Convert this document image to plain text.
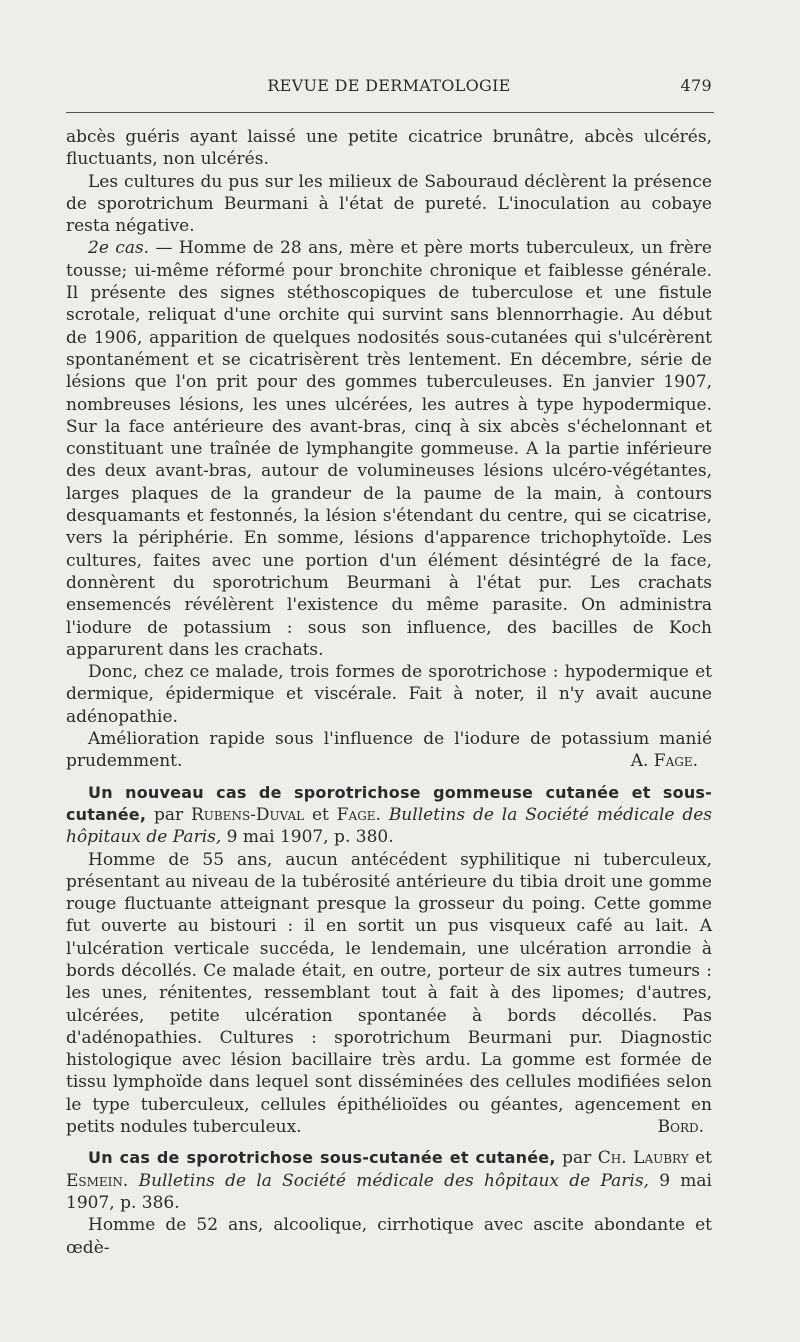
REVUE DE DERMATOLOGIE	479

abcès guéris ayant laissé une petite cicatrice brunâtre, abcès ulcérés, fluctuants, non ulcérés.

Les cultures du pus sur les milieux de Sabouraud déclèrent la présence de sporotrichum Beurmani à l'état de pureté. L'inoculation au cobaye resta négative.

2e cas. — Homme de 28 ans, mère et père morts tuberculeux, un frère tousse; ui-même réformé pour bronchite chronique et faiblesse générale. Il présente des signes stéthoscopiques de tuberculose et une fistule scrotale, reliquat d'une orchite qui survint sans blennorrhagie. Au début de 1906, apparition de quelques nodosités sous-cutanées qui s'ulcérèrent spontanément et se cicatrisèrent très lentement. En décembre, série de lésions que l'on prit pour des gommes tuberculeuses. En janvier 1907, nombreuses lésions, les unes ulcérées, les autres à type hypodermique. Sur la face antérieure des avant-bras, cinq à six abcès s'échelonnant et constituant une traînée de lymphangite gommeuse. A la partie inférieure des deux avant-bras, autour de volumineuses lésions ulcéro-végétantes, larges plaques de la grandeur de la paume de la main, à contours desquamants et festonnés, la lésion s'étendant du centre, qui se cicatrise, vers la périphérie. En somme, lésions d'apparence trichophytoïde. Les cultures, faites avec une portion d'un élément désintégré de la face, donnèrent du sporotrichum Beurmani à l'état pur. Les crachats ensemencés révélèrent l'existence du même parasite. On administra l'iodure de potassium : sous son influence, des bacilles de Koch apparurent dans les crachats.

Donc, chez ce malade, trois formes de sporotrichose : hypodermique et dermique, épidermique et viscérale. Fait à noter, il n'y avait aucune adénopathie.

Amélioration rapide sous l'influence de l'iodure de potassium manié prudemment.	A. Fage.

Un nouveau cas de sporotrichose gommeuse cutanée et sous-cutanée, par Rubens-Duval et Fage. Bulletins de la Société médicale des hôpitaux de Paris, 9 mai 1907, p. 380.

Homme de 55 ans, aucun antécédent syphilitique ni tuberculeux, présentant au niveau de la tubérosité antérieure du tibia droit une gomme rouge fluctuante atteignant presque la grosseur du poing. Cette gomme fut ouverte au bistouri : il en sortit un pus visqueux café au lait. A l'ulcération verticale succéda, le lendemain, une ulcération arrondie à bords décollés. Ce malade était, en outre, porteur de six autres tumeurs : les unes, rénitentes, ressemblant tout à fait à des lipomes; d'autres, ulcérées, petite ulcération spontanée à bords décollés. Pas d'adénopathies. Cultures : sporotrichum Beurmani pur. Diagnostic histologique avec lésion bacillaire très ardu. La gomme est formée de tissu lymphoïde dans lequel sont disséminées des cellules modifiées selon le type tuberculeux, cellules épithélioïdes ou géantes, agencement en petits nodules tuberculeux.	Bord.

Un cas de sporotrichose sous-cutanée et cutanée, par Ch. Laubry et Esmein. Bulletins de la Société médicale des hôpitaux de Paris, 9 mai 1907, p. 386.

Homme de 52 ans, alcoolique, cirrhotique avec ascite abondante et œdè-
